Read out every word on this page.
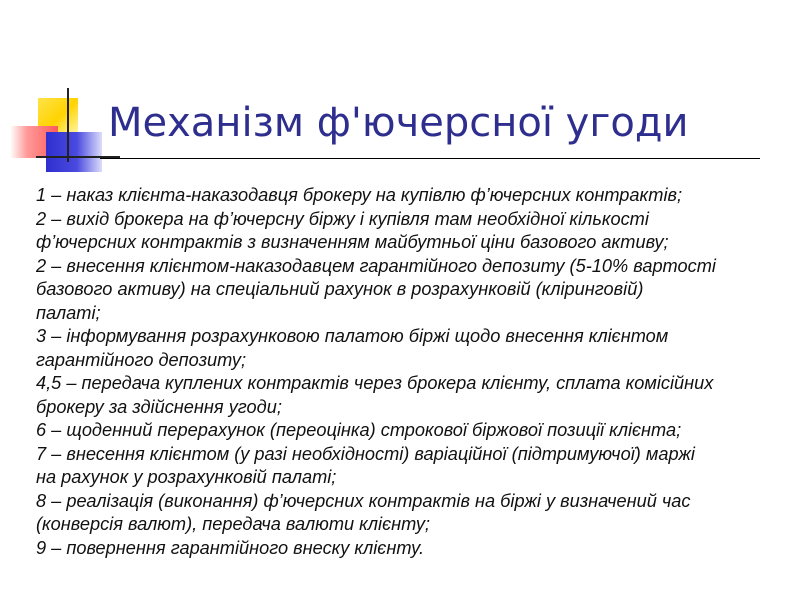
Механізм ф'ючерсної угоди
1 – наказ клієнта-наказодавця брокеру на купівлю ф’ючерсних контрактів;
2 – вихід брокера на ф’ючерсну біржу і купівля там необхідної кількості
ф’ючерсних контрактів з визначенням майбутньої ціни базового активу;
2 – внесення клієнтом-наказодавцем гарантійного депозиту (5-10% вартості
базового активу) на спеціальний рахунок в розрахунковій (кліринговій)
палаті;
3 – інформування розрахунковою палатою біржі щодо внесення клієнтом
гарантійного депозиту;
4,5 – передача куплених контрактів через брокера клієнту, сплата комісійних
брокеру за здійснення угоди;
6 – щоденний перерахунок (переоцінка) строкової біржової позиції клієнта;
7 – внесення клієнтом (у разі необхідності) варіаційної (підтримуючої) маржі
на рахунок у розрахунковій палаті;
8 – реалізація (виконання) ф’ючерсних контрактів на біржі у визначений час
(конверсія валют), передача валюти клієнту;
9 – повернення гарантійного внеску клієнту.
